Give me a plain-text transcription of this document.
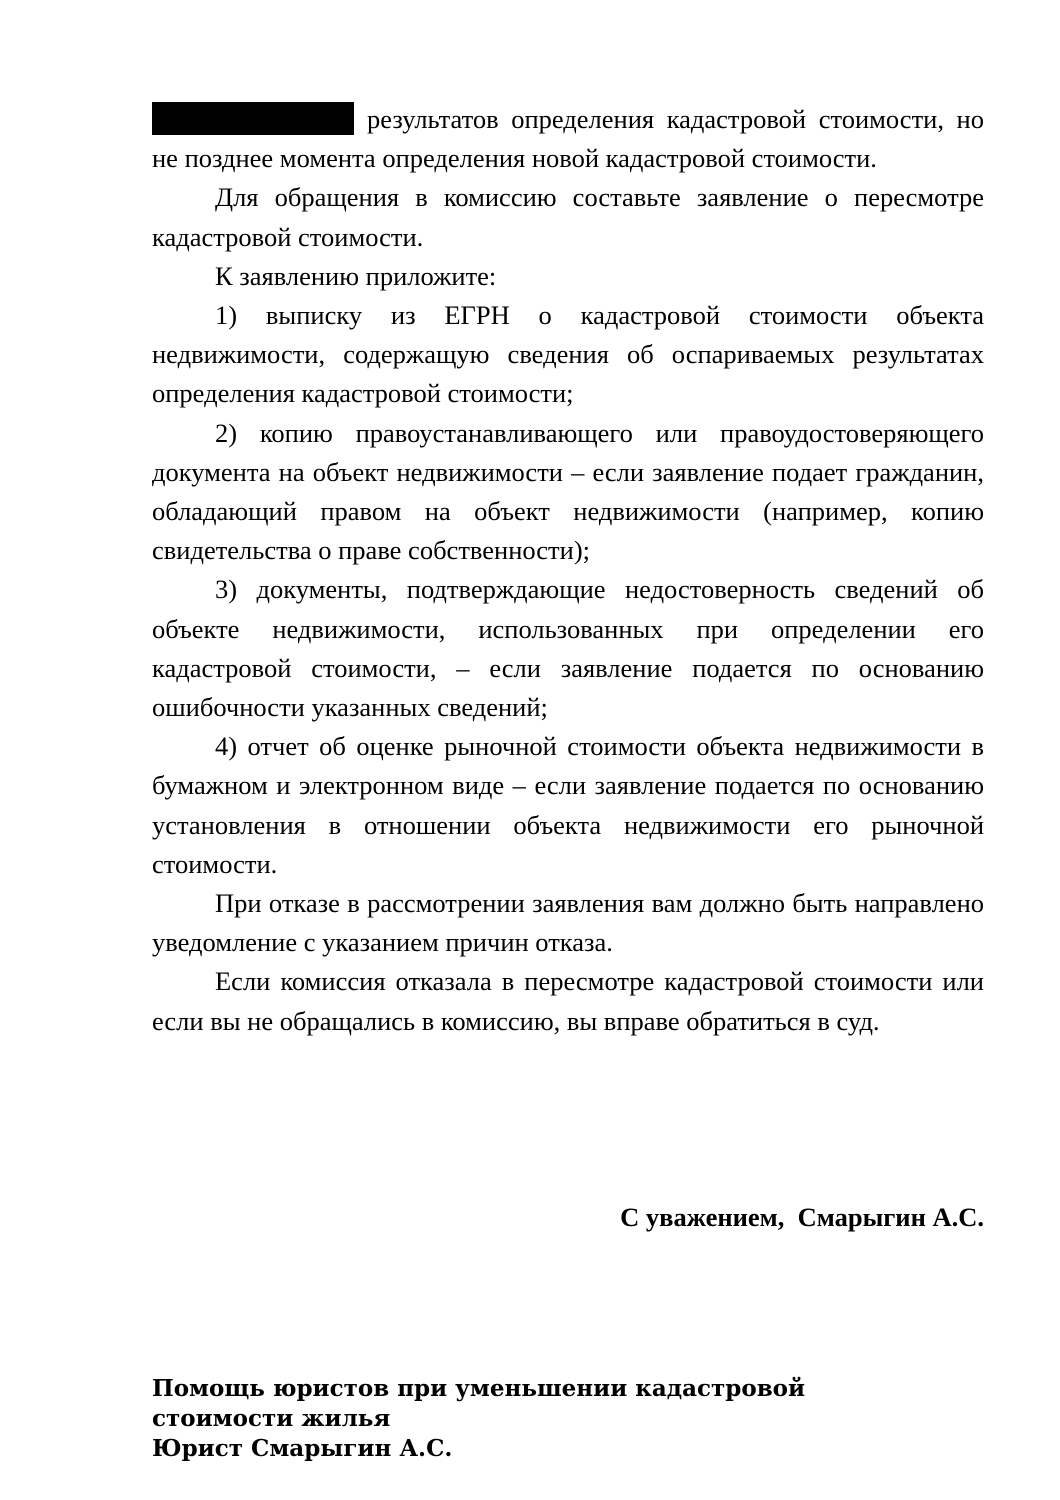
результатов определения кадастровой стоимости, но не позднее момента определения новой кадастровой стоимости.

Для обращения в комиссию составьте заявление о пересмотре кадастровой стоимости.

К заявлению приложите:

1) выписку из ЕГРН о кадастровой стоимости объекта недвижимости, содержащую сведения об оспариваемых результатах определения кадастровой стоимости;

2) копию правоустанавливающего или правоудостоверяющего документа на объект недвижимости – если заявление подает гражданин, обладающий правом на объект недвижимости (например, копию свидетельства о праве собственности);

3) документы, подтверждающие недостоверность сведений об объекте недвижимости, использованных при определении его кадастровой стоимости, – если заявление подается по основанию ошибочности указанных сведений;

4) отчет об оценке рыночной стоимости объекта недвижимости в бумажном и электронном виде – если заявление подается по основанию установления в отношении объекта недвижимости его рыночной стоимости.

При отказе в рассмотрении заявления вам должно быть направлено уведомление с указанием причин отказа.

Если комиссия отказала в пересмотре кадастровой стоимости или если вы не обращались в комиссию, вы вправе обратиться в суд.

С уважением,  Смарыгин А.С.
Помощь юристов при уменьшении кадастровой
стоимости жилья
Юрист Смарыгин А.С.
